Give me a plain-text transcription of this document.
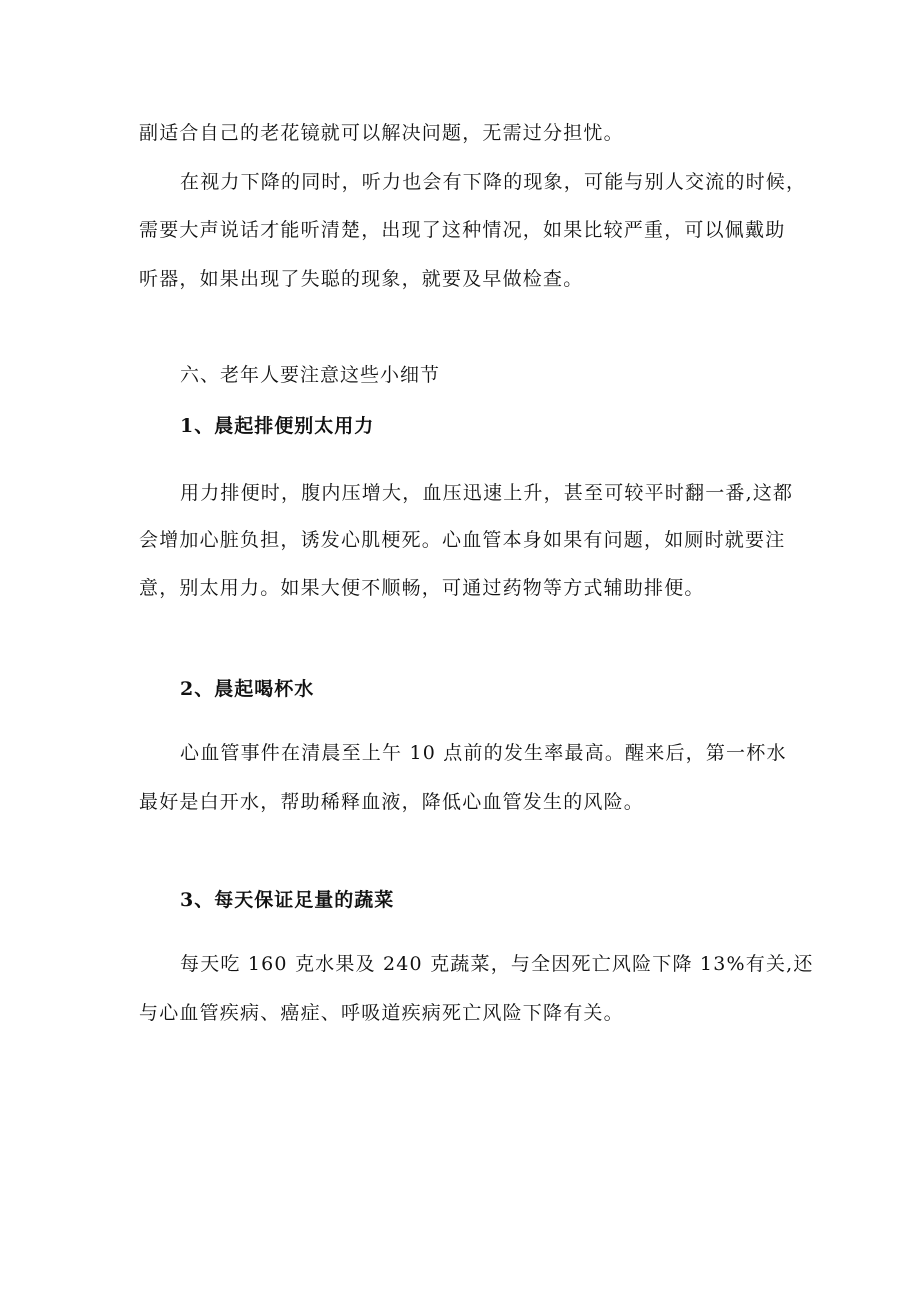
副适合自己的老花镜就可以解决问题，无需过分担忧。
在视力下降的同时，听力也会有下降的现象，可能与别人交流的时候，
需要大声说话才能听清楚，出现了这种情况，如果比较严重，可以佩戴助
听器，如果出现了失聪的现象，就要及早做检查。
六、老年人要注意这些小细节
1、晨起排便别太用力
用力排便时，腹内压增大，血压迅速上升，甚至可较平时翻一番,这都
会增加心脏负担，诱发心肌梗死。心血管本身如果有问题，如厕时就要注
意，别太用力。如果大便不顺畅，可通过药物等方式辅助排便。
2、晨起喝杯水
心血管事件在清晨至上午 10 点前的发生率最高。醒来后，第一杯水
最好是白开水，帮助稀释血液，降低心血管发生的风险。
3、每天保证足量的蔬菜
每天吃 160 克水果及 240 克蔬菜，与全因死亡风险下降 13%有关,还
与心血管疾病、癌症、呼吸道疾病死亡风险下降有关。
